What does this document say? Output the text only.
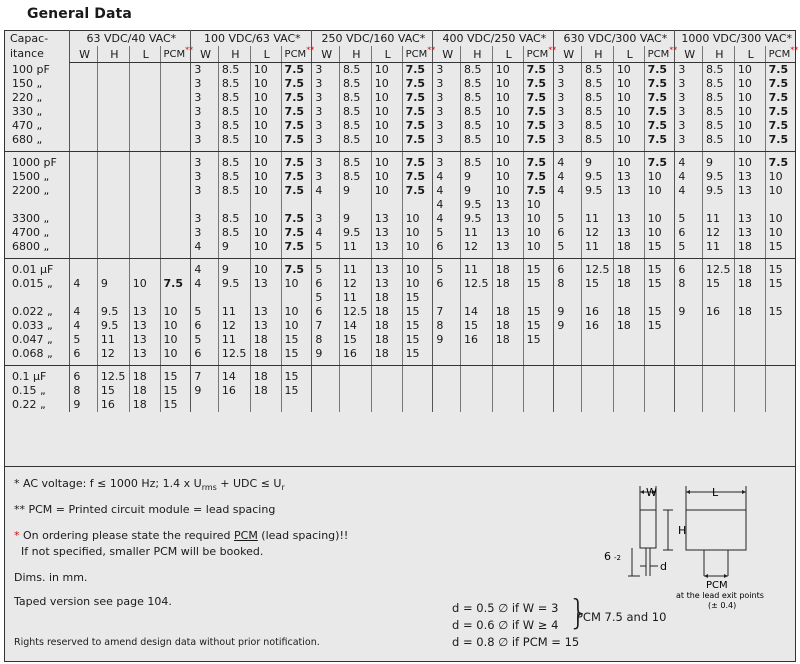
General Data
Capac-
itance	63 VDC/40 VAC*				100 VDC/63 VAC*				250 VDC/160 VAC*				400 VDC/250 VAC*				630 VDC/300 VAC*				1000 VDC/300 VAC*			
	W	H	L	PCM**	W	H	L	PCM**	W	H	L	PCM**	W	H	L	PCM**	W	H	L	PCM**	W	H	L	PCM**
100 pF					3	8.5	10	7.5	3	8.5	10	7.5	3	8.5	10	7.5	3	8.5	10	7.5	3	8.5	10	7.5
150 „					3	8.5	10	7.5	3	8.5	10	7.5	3	8.5	10	7.5	3	8.5	10	7.5	3	8.5	10	7.5
220 „					3	8.5	10	7.5	3	8.5	10	7.5	3	8.5	10	7.5	3	8.5	10	7.5	3	8.5	10	7.5
330 „					3	8.5	10	7.5	3	8.5	10	7.5	3	8.5	10	7.5	3	8.5	10	7.5	3	8.5	10	7.5
470 „					3	8.5	10	7.5	3	8.5	10	7.5	3	8.5	10	7.5	3	8.5	10	7.5	3	8.5	10	7.5
680 „					3	8.5	10	7.5	3	8.5	10	7.5	3	8.5	10	7.5	3	8.5	10	7.5	3	8.5	10	7.5
1000 pF					3	8.5	10	7.5	3	8.5	10	7.5	3	8.5	10	7.5	4	9	10	7.5	4	9	10	7.5
1500 „					3	8.5	10	7.5	3	8.5	10	7.5	4	9	10	7.5	4	9.5	13	10	4	9.5	13	10
2200 „					3	8.5	10	7.5	4	9	10	7.5	4	9	10	7.5	4	9.5	13	10	4	9.5	13	10
													4	9.5	13	10								
3300 „					3	8.5	10	7.5	3	9	13	10	4	9.5	13	10	5	11	13	10	5	11	13	10
4700 „					3	8.5	10	7.5	4	9.5	13	10	5	11	13	10	6	12	13	10	6	12	13	10
6800 „					4	9	10	7.5	5	11	13	10	6	12	13	10	5	11	18	15	5	11	18	15
0.01 µF					4	9	10	7.5	5	11	13	10	5	11	18	15	6	12.5	18	15	6	12.5	18	15
0.015 „	4	9	10	7.5	4	9.5	13	10	6	12	13	10	6	12.5	18	15	8	15	18	15	8	15	18	15
									5	11	18	15												
0.022 „	4	9.5	13	10	5	11	13	10	6	12.5	18	15	7	14	18	15	9	16	18	15	9	16	18	15
0.033 „	4	9.5	13	10	6	12	13	10	7	14	18	15	8	15	18	15	9	16	18	15				
0.047 „	5	11	13	10	5	11	18	15	8	15	18	15	9	16	18	15								
0.068 „	6	12	13	10	6	12.5	18	15	9	16	18	15												
0.1 µF	6	12.5	18	15	7	14	18	15																
0.15 „	8	15	18	15	9	16	18	15																
0.22 „	9	16	18	15																				
* AC voltage: f ≤ 1000 Hz; 1.4 x $U_{rms}$ + UDC ≤ $U_r$
** PCM = Printed circuit module = lead spacing
* On ordering please state the required PCM (lead spacing)!!
If not specified, smaller PCM will be booked.
Dims. in mm.
Taped version see page 104.
Rights reserved to amend design data without prior notification.
d = 0.5 ∅ if W = 3
d = 0.6 ∅ if W ≥ 4
d = 0.8 ∅ if PCM = 15
}
PCM 7.5 and 10
W	L
H
6 -2
d
PCM
at the lead exit points
(± 0.4)
